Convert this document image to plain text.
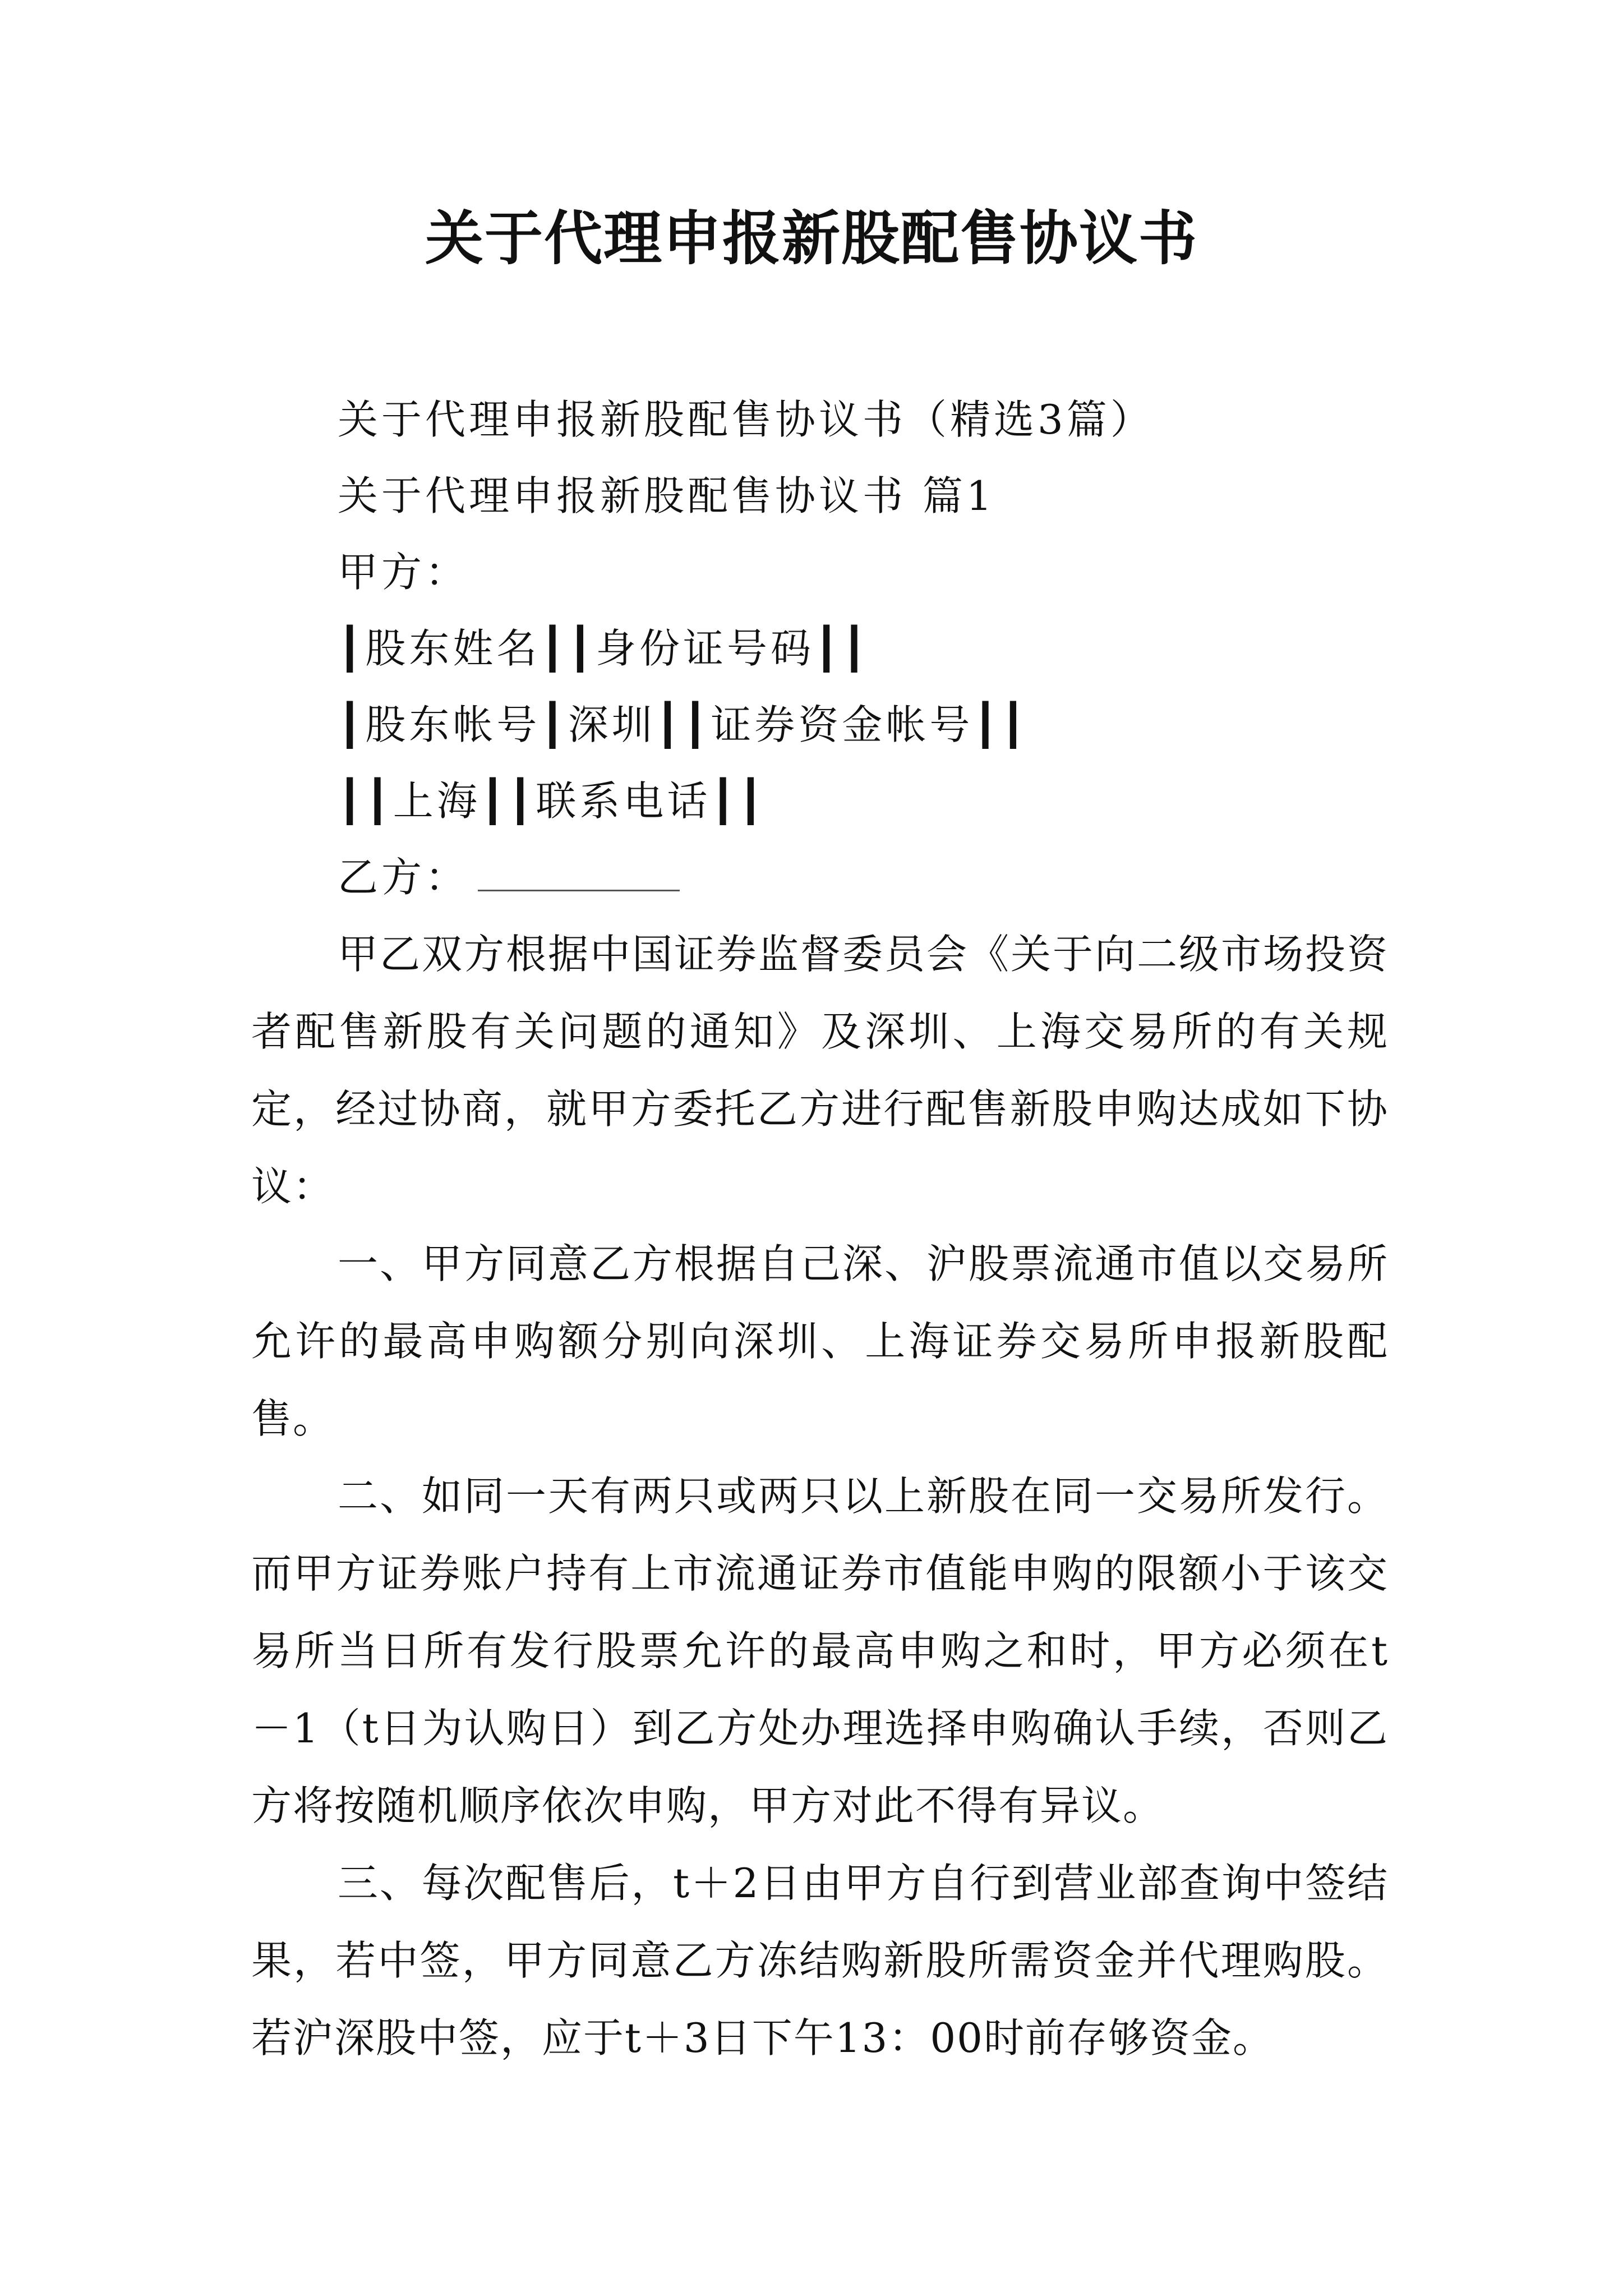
关于代理申报新股配售协议书

关于代理申报新股配售协议书（精选3篇）

关于代理申报新股配售协议书 篇1

甲方：

┃股东姓名┃┃身份证号码┃┃

┃股东帐号┃深圳┃┃证券资金帐号┃┃

┃┃上海┃┃联系电话┃┃

乙方：

甲乙双方根据中国证券监督委员会《关于向二级市场投资者配售新股有关问题的通知》及深圳、上海交易所的有关规定，经过协商，就甲方委托乙方进行配售新股申购达成如下协议：

一、甲方同意乙方根据自己深、沪股票流通市值以交易所允许的最高申购额分别向深圳、上海证券交易所申报新股配售。

二、如同一天有两只或两只以上新股在同一交易所发行。而甲方证券账户持有上市流通证券市值能申购的限额小于该交易所当日所有发行股票允许的最高申购之和时，甲方必须在t－1（t日为认购日）到乙方处办理选择申购确认手续，否则乙方将按随机顺序依次申购，甲方对此不得有异议。

三、每次配售后，t＋2日由甲方自行到营业部查询中签结果，若中签，甲方同意乙方冻结购新股所需资金并代理购股。若沪深股中签，应于t＋3日下午13：00时前存够资金。
